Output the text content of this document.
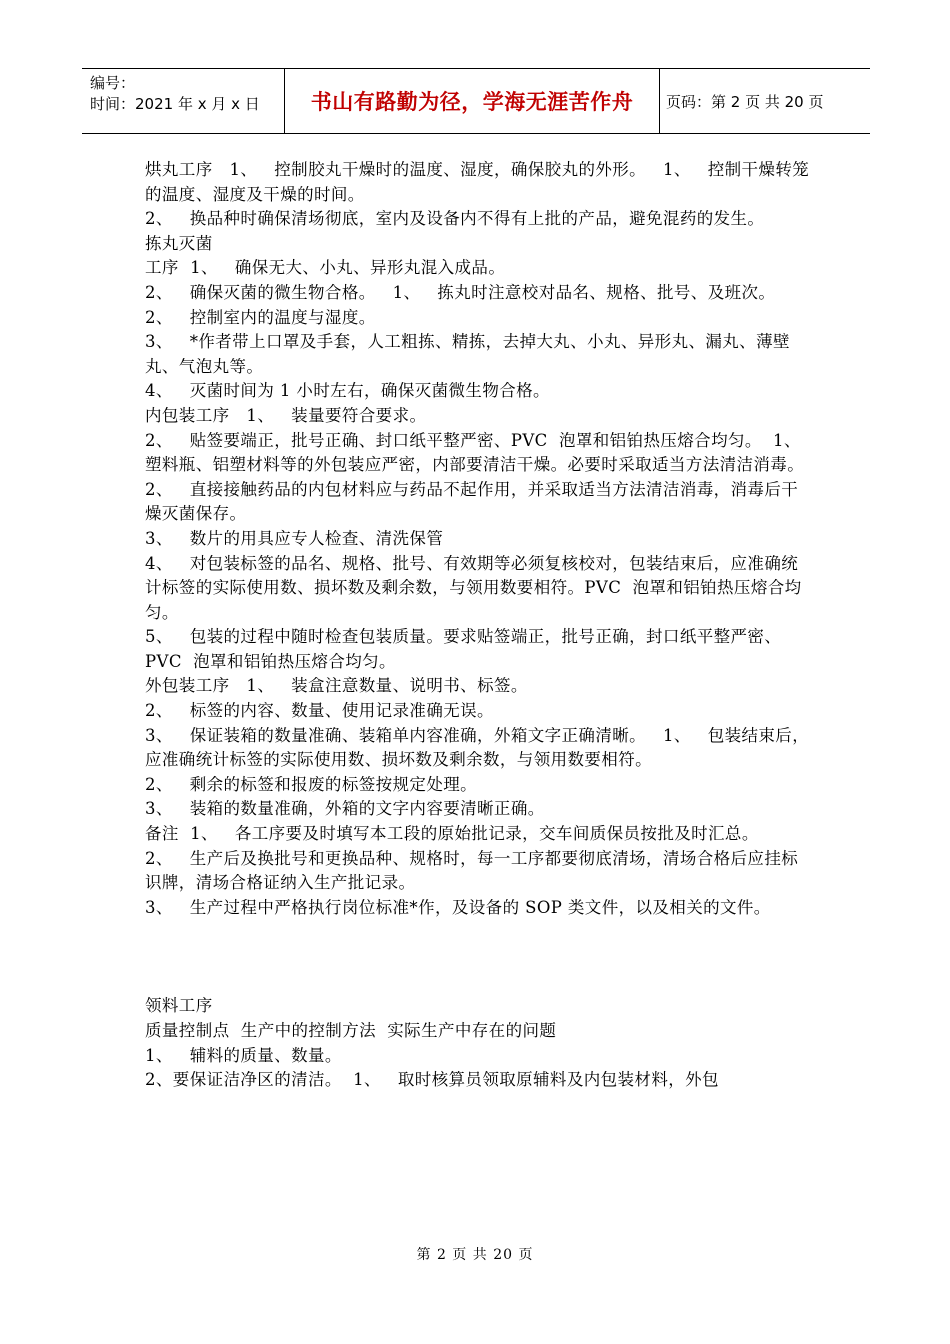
编号：
时间：2021 年 x 月 x 日	书山有路勤为径，学海无涯苦作舟	页码：第 2 页 共 20 页

烘丸工序   1、   控制胶丸干燥时的温度、湿度，确保胶丸的外形。   1、   控制干燥转笼的温度、湿度及干燥的时间。

2、   换品种时确保清场彻底，室内及设备内不得有上批的产品，避免混药的发生。

拣丸灭菌

工序  1、   确保无大、小丸、异形丸混入成品。

2、   确保灭菌的微生物合格。   1、   拣丸时注意校对品名、规格、批号、及班次。

2、   控制室内的温度与湿度。

3、   *作者带上口罩及手套，人工粗拣、精拣，去掉大丸、小丸、异形丸、漏丸、薄壁丸、气泡丸等。

4、   灭菌时间为 1 小时左右，确保灭菌微生物合格。

内包装工序   1、   装量要符合要求。

2、   贴签要端正，批号正确、封口纸平整严密、PVC  泡罩和铝铂热压熔合均匀。  1、   塑料瓶、铝塑材料等的外包装应严密，内部要清洁干燥。必要时采取适当方法清洁消毒。

2、   直接接触药品的内包材料应与药品不起作用，并采取适当方法清洁消毒，消毒后干燥灭菌保存。

3、   数片的用具应专人检查、清洗保管

4、   对包装标签的品名、规格、批号、有效期等必须复核校对，包装结束后，应准确统计标签的实际使用数、损坏数及剩余数，与领用数要相符。PVC  泡罩和铝铂热压熔合均匀。

5、   包装的过程中随时检查包装质量。要求贴签端正，批号正确，封口纸平整严密、PVC  泡罩和铝铂热压熔合均匀。

外包装工序   1、   装盒注意数量、说明书、标签。

2、   标签的内容、数量、使用记录准确无误。

3、   保证装箱的数量准确、装箱单内容准确，外箱文字正确清晰。   1、   包装结束后，应准确统计标签的实际使用数、损坏数及剩余数，与领用数要相符。

2、   剩余的标签和报废的标签按规定处理。

3、   装箱的数量准确，外箱的文字内容要清晰正确。

备注  1、   各工序要及时填写本工段的原始批记录，交车间质保员按批及时汇总。

2、   生产后及换批号和更换品种、规格时，每一工序都要彻底清场，清场合格后应挂标识牌，清场合格证纳入生产批记录。

3、   生产过程中严格执行岗位标准*作，及设备的 SOP 类文件，以及相关的文件。

领料工序

质量控制点  生产中的控制方法  实际生产中存在的问题

1、   辅料的质量、数量。

2、要保证洁净区的清洁。  1、   取时核算员领取原辅料及内包装材料，外包

第 2 页 共 20 页
